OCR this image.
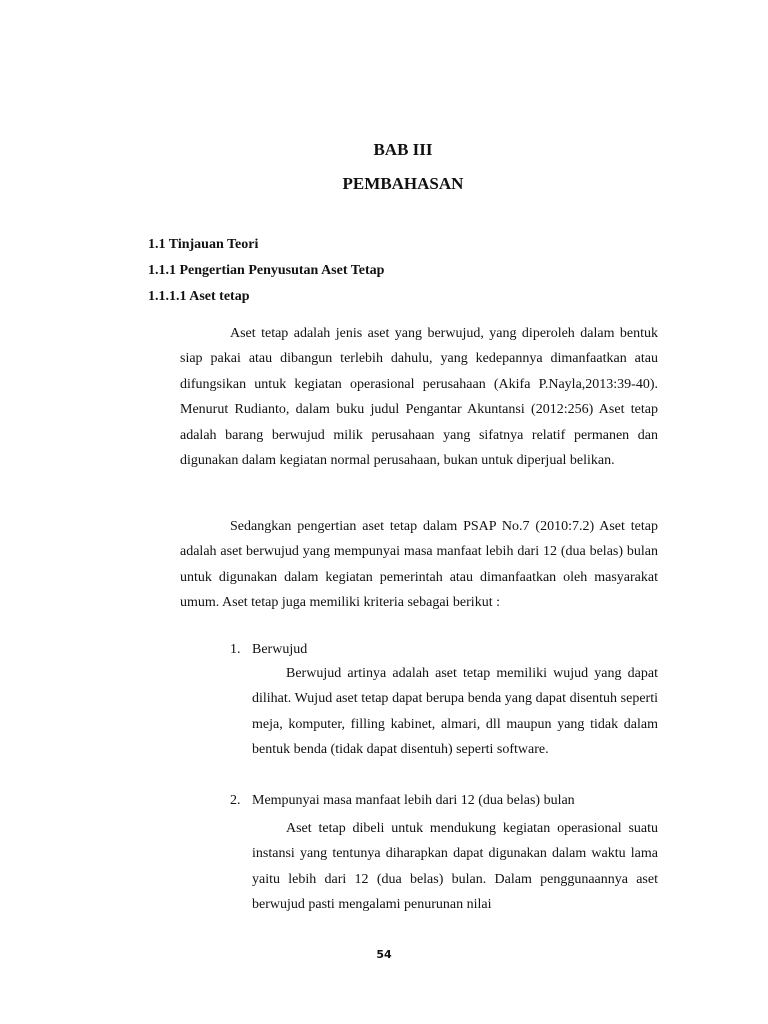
BAB III
PEMBAHASAN
1.1 Tinjauan Teori
1.1.1 Pengertian Penyusutan Aset Tetap
1.1.1.1 Aset tetap

Aset tetap adalah jenis aset yang berwujud, yang diperoleh dalam bentuk siap pakai atau dibangun terlebih dahulu, yang kedepannya dimanfaatkan atau difungsikan untuk kegiatan operasional perusahaan (Akifa P.Nayla,2013:39-40). Menurut Rudianto, dalam buku judul Pengantar Akuntansi (2012:256) Aset tetap adalah barang berwujud milik perusahaan yang sifatnya relatif permanen dan digunakan dalam kegiatan normal perusahaan, bukan untuk diperjual belikan.

Sedangkan pengertian aset tetap dalam PSAP No.7 (2010:7.2) Aset tetap adalah aset berwujud yang mempunyai masa manfaat lebih dari 12 (dua belas) bulan untuk digunakan dalam kegiatan pemerintah atau dimanfaatkan oleh masyarakat umum. Aset tetap juga memiliki kriteria sebagai berikut :

1. Berwujud

Berwujud artinya adalah aset tetap memiliki wujud yang dapat dilihat. Wujud aset tetap dapat berupa benda yang dapat disentuh seperti meja, komputer, filling kabinet, almari, dll maupun yang tidak dalam bentuk benda (tidak dapat disentuh) seperti software.

2. Mempunyai masa manfaat lebih dari 12 (dua belas) bulan

Aset tetap dibeli untuk mendukung kegiatan operasional suatu instansi yang tentunya diharapkan dapat digunakan dalam waktu lama yaitu lebih dari 12 (dua belas) bulan. Dalam penggunaannya aset berwujud pasti mengalami penurunan nilai

54
